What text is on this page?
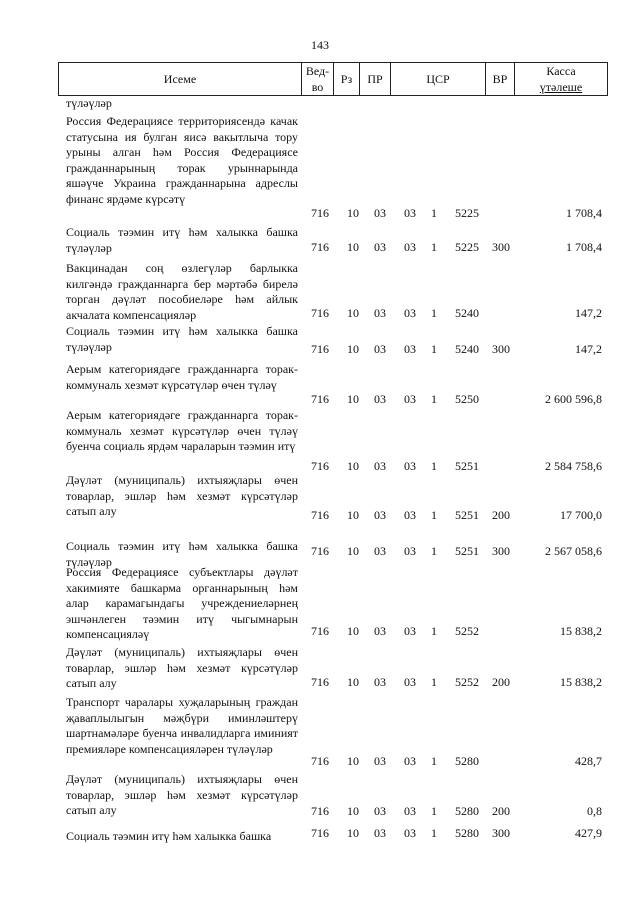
143
Исеме
Вед-
во
Рз	ПР	ЦСР	ВР
Касса
үтәлеше
түләүләр
Россия Федерациясе территориясендә качак статусына ия булган яисә вакытлыча тору урыны алган һәм Россия Федерациясе гражданнарының торак урыннарында яшәүче Украина гражданнарына адреслы финанс ярдәме күрсәтү
716 10 03 03 1 5225	1 708,4
Социаль тәэмин итү һәм халыкка башка түләүләр	716 10 03 03 1 5225 300	1 708,4
Вакцинадан соң өзлегүләр барлыкка килгәндә гражданнарга бер мәртәбә бирелә торган дәүләт пособиеләре һәм айлык акчалата компенсацияләр	716 10 03 03 1 5240	147,2
Социаль тәэмин итү һәм халыкка башка түләүләр	716 10 03 03 1 5240 300	147,2
Аерым категориядәге гражданнарга торак-коммуналь хезмәт күрсәтүләр өчен түләү
716 10 03 03 1 5250	2 600 596,8
Аерым категориядәге гражданнарга торак-коммуналь хезмәт күрсәтүләр өчен түләү буенча социаль ярдәм чараларын тәэмин итү
716 10 03 03 1 5251	2 584 758,6
Дәүләт (муниципаль) ихтыяҗлары өчен товарлар, эшләр һәм хезмәт күрсәтүләр сатып алу	716 10 03 03 1 5251 200	17 700,0
Социаль тәэмин итү һәм халыкка башка түләүләр
716 10 03 03 1 5251 300	2 567 058,6
Россия Федерациясе субъектлары дәүләт хакимияте башкарма органнарының һәм алар карамагындагы учреждениеләрнең эшчәнлеген тәэмин итү чыгымнарын компенсацияләү	716 10 03 03 1 5252	15 838,2
Дәүләт (муниципаль) ихтыяҗлары өчен товарлар, эшләр һәм хезмәт күрсәтүләр сатып алу	716 10 03 03 1 5252 200	15 838,2
Транспорт чаралары хуҗаларының граждан җаваплылыгын мәҗбүри иминләштерү шартнамәләре буенча инвалидларга иминият премияләре компенсацияләрен түләүләр
716 10 03 03 1 5280	428,7
Дәүләт (муниципаль) ихтыяҗлары өчен товарлар, эшләр һәм хезмәт күрсәтүләр сатып алу	716 10 03 03 1 5280 200	0,8
Социаль тәэмин итү һәм халыкка башка	716 10 03 03 1 5280 300	427,9
